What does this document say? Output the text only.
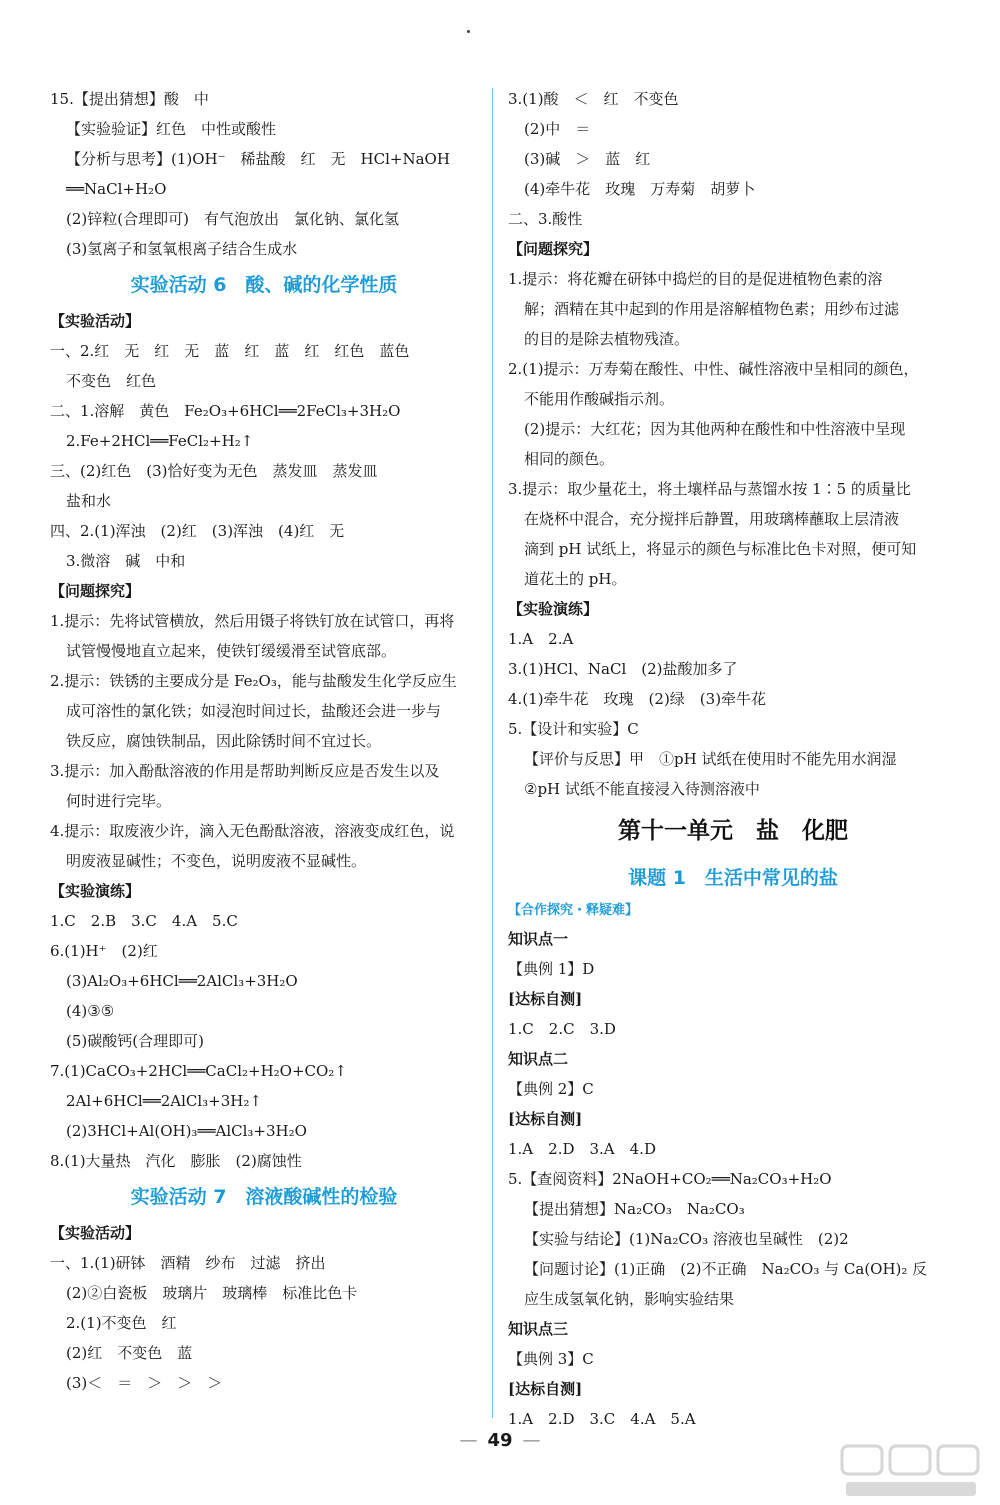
15.【提出猜想】酸　中
【实验验证】红色　中性或酸性
【分析与思考】(1)OH⁻　稀盐酸　红　无　HCl+NaOH
══NaCl+H₂O
(2)锌粒(合理即可)　有气泡放出　氯化钠、氯化氢
(3)氢离子和氢氧根离子结合生成水
实验活动 6　酸、碱的化学性质
【实验活动】
一、2.红　无　红　无　蓝　红　蓝　红　红色　蓝色
不变色　红色
二、1.溶解　黄色　Fe₂O₃+6HCl══2FeCl₃+3H₂O
2.Fe+2HCl══FeCl₂+H₂↑
三、(2)红色　(3)恰好变为无色　蒸发皿　蒸发皿
盐和水
四、2.(1)浑浊　(2)红　(3)浑浊　(4)红　无
3.微溶　碱　中和
【问题探究】
1.提示：先将试管横放，然后用镊子将铁钉放在试管口，再将
试管慢慢地直立起来，使铁钉缓缓滑至试管底部。
2.提示：铁锈的主要成分是 Fe₂O₃，能与盐酸发生化学反应生
成可溶性的氯化铁；如浸泡时间过长，盐酸还会进一步与
铁反应，腐蚀铁制品，因此除锈时间不宜过长。
3.提示：加入酚酞溶液的作用是帮助判断反应是否发生以及
何时进行完毕。
4.提示：取废液少许，滴入无色酚酞溶液，溶液变成红色，说
明废液显碱性；不变色，说明废液不显碱性。
【实验演练】
1.C　2.B　3.C　4.A　5.C
6.(1)H⁺　(2)红
(3)Al₂O₃+6HCl══2AlCl₃+3H₂O
(4)③⑤
(5)碳酸钙(合理即可)
7.(1)CaCO₃+2HCl══CaCl₂+H₂O+CO₂↑
2Al+6HCl══2AlCl₃+3H₂↑
(2)3HCl+Al(OH)₃══AlCl₃+3H₂O
8.(1)大量热　汽化　膨胀　(2)腐蚀性
实验活动 7　溶液酸碱性的检验
【实验活动】
一、1.(1)研钵　酒精　纱布　过滤　挤出
(2)②白瓷板　玻璃片　玻璃棒　标准比色卡
2.(1)不变色　红
(2)红　不变色　蓝
(3)＜　＝　＞　＞　＞
3.(1)酸　＜　红　不变色
(2)中　＝
(3)碱　＞　蓝　红
(4)牵牛花　玫瑰　万寿菊　胡萝卜
二、3.酸性
【问题探究】
1.提示：将花瓣在研钵中捣烂的目的是促进植物色素的溶
解；酒精在其中起到的作用是溶解植物色素；用纱布过滤
的目的是除去植物残渣。
2.(1)提示：万寿菊在酸性、中性、碱性溶液中呈相同的颜色，
不能用作酸碱指示剂。
(2)提示：大红花；因为其他两种在酸性和中性溶液中呈现
相同的颜色。
3.提示：取少量花土，将土壤样品与蒸馏水按 1∶5 的质量比
在烧杯中混合，充分搅拌后静置，用玻璃棒蘸取上层清液
滴到 pH 试纸上，将显示的颜色与标准比色卡对照，便可知
道花土的 pH。
【实验演练】
1.A　2.A
3.(1)HCl、NaCl　(2)盐酸加多了
4.(1)牵牛花　玫瑰　(2)绿　(3)牵牛花
5.【设计和实验】C
【评价与反思】甲　①pH 试纸在使用时不能先用水润湿
②pH 试纸不能直接浸入待测溶液中
第十一单元　盐　化肥
课题 1　生活中常见的盐
【合作探究・释疑难】
知识点一
【典例 1】D
[达标自测]
1.C　2.C　3.D
知识点二
【典例 2】C
[达标自测]
1.A　2.D　3.A　4.D
5.【查阅资料】2NaOH+CO₂══Na₂CO₃+H₂O
【提出猜想】Na₂CO₃　Na₂CO₃
【实验与结论】(1)Na₂CO₃ 溶液也呈碱性　(2)2
【问题讨论】(1)正确　(2)不正确　Na₂CO₃ 与 Ca(OH)₂ 反
应生成氢氧化钠，影响实验结果
知识点三
【典例 3】C
[达标自测]
1.A　2.D　3.C　4.A　5.A
— 49 —
